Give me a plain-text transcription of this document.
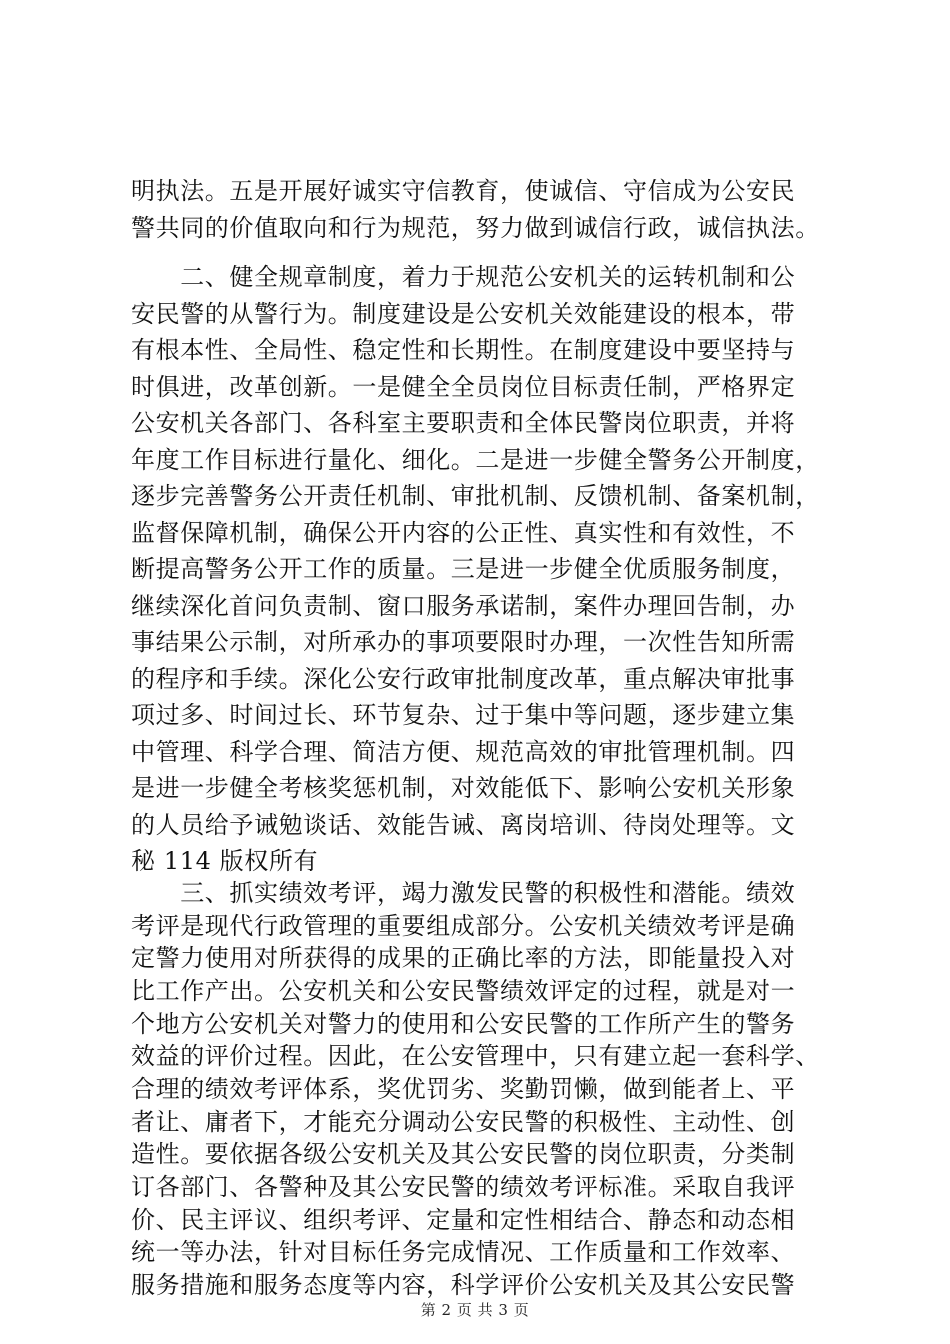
明执法。五是开展好诚实守信教育，使诚信、守信成为公安民
警共同的价值取向和行为规范，努力做到诚信行政，诚信执法。
　　二、健全规章制度，着力于规范公安机关的运转机制和公
安民警的从警行为。制度建设是公安机关效能建设的根本，带
有根本性、全局性、稳定性和长期性。在制度建设中要坚持与
时俱进，改革创新。一是健全全员岗位目标责任制，严格界定
公安机关各部门、各科室主要职责和全体民警岗位职责，并将
年度工作目标进行量化、细化。二是进一步健全警务公开制度，
逐步完善警务公开责任机制、审批机制、反馈机制、备案机制，
监督保障机制，确保公开内容的公正性、真实性和有效性，不
断提高警务公开工作的质量。三是进一步健全优质服务制度，
继续深化首问负责制、窗口服务承诺制，案件办理回告制，办
事结果公示制，对所承办的事项要限时办理，一次性告知所需
的程序和手续。深化公安行政审批制度改革，重点解决审批事
项过多、时间过长、环节复杂、过于集中等问题，逐步建立集
中管理、科学合理、简洁方便、规范高效的审批管理机制。四
是进一步健全考核奖惩机制，对效能低下、影响公安机关形象
的人员给予诫勉谈话、效能告诫、离岗培训、待岗处理等。文
秘 114 版权所有
　　三、抓实绩效考评，竭力激发民警的积极性和潜能。绩效
考评是现代行政管理的重要组成部分。公安机关绩效考评是确
定警力使用对所获得的成果的正确比率的方法，即能量投入对
比工作产出。公安机关和公安民警绩效评定的过程，就是对一
个地方公安机关对警力的使用和公安民警的工作所产生的警务
效益的评价过程。因此，在公安管理中，只有建立起一套科学、
合理的绩效考评体系，奖优罚劣、奖勤罚懒，做到能者上、平
者让、庸者下，才能充分调动公安民警的积极性、主动性、创
造性。要依据各级公安机关及其公安民警的岗位职责，分类制
订各部门、各警种及其公安民警的绩效考评标准。采取自我评
价、民主评议、组织考评、定量和定性相结合、静态和动态相
统一等办法，针对目标任务完成情况、工作质量和工作效率、
服务措施和服务态度等内容，科学评价公安机关及其公安民警
第 2 页 共 3 页
